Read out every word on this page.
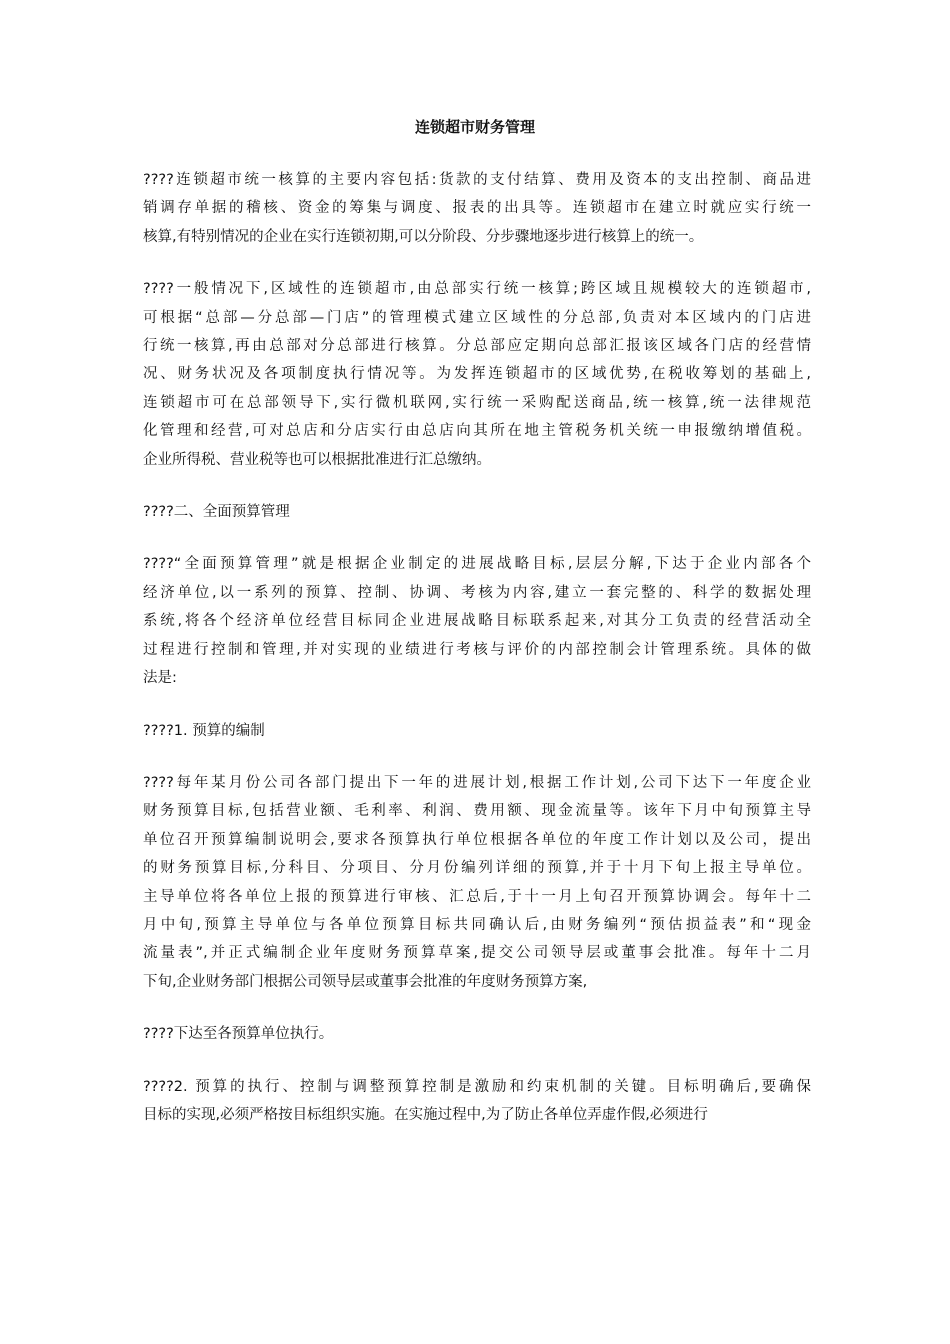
连锁超市财务管理
????连锁超市统一核算的主要内容包括:货款的支付结算、费用及资本的支出控制、商品进
销调存单据的稽核、资金的筹集与调度、报表的出具等。连锁超市在建立时就应实行统一
核算,有特别情况的企业在实行连锁初期,可以分阶段、分步骤地逐步进行核算上的统一。
????一般情况下,区域性的连锁超市,由总部实行统一核算;跨区域且规模较大的连锁超市,
可根据“总部—分总部—门店”的管理模式建立区域性的分总部,负责对本区域内的门店进
行统一核算,再由总部对分总部进行核算。分总部应定期向总部汇报该区域各门店的经营情
况、财务状况及各项制度执行情况等。为发挥连锁超市的区域优势,在税收筹划的基础上,
连锁超市可在总部领导下,实行微机联网,实行统一采购配送商品,统一核算,统一法律规范
化管理和经营,可对总店和分店实行由总店向其所在地主管税务机关统一申报缴纳增值税。
企业所得税、营业税等也可以根据批准进行汇总缴纳。
????二、全面预算管理
????“全面预算管理”就是根据企业制定的进展战略目标,层层分解,下达于企业内部各个
经济单位,以一系列的预算、控制、协调、考核为内容,建立一套完整的、科学的数据处理
系统,将各个经济单位经营目标同企业进展战略目标联系起来,对其分工负责的经营活动全
过程进行控制和管理,并对实现的业绩进行考核与评价的内部控制会计管理系统。具体的做
法是:
????1. 预算的编制
????每年某月份公司各部门提出下一年的进展计划,根据工作计划,公司下达下一年度企业
财务预算目标,包括营业额、毛利率、利润、费用额、现金流量等。该年下月中旬预算主导
单位召开预算编制说明会,要求各预算执行单位根据各单位的年度工作计划以及公司，提出
的财务预算目标,分科目、分项目、分月份编列详细的预算,并于十月下旬上报主导单位。
主导单位将各单位上报的预算进行审核、汇总后,于十一月上旬召开预算协调会。每年十二
月中旬,预算主导单位与各单位预算目标共同确认后,由财务编列“预估损益表”和“现金
流量表”,并正式编制企业年度财务预算草案,提交公司领导层或董事会批准。每年十二月
下旬,企业财务部门根据公司领导层或董事会批准的年度财务预算方案,
????下达至各预算单位执行。
????2. 预算的执行、控制与调整预算控制是激励和约束机制的关键。目标明确后,要确保
目标的实现,必须严格按目标组织实施。在实施过程中,为了防止各单位弄虚作假,必须进行
